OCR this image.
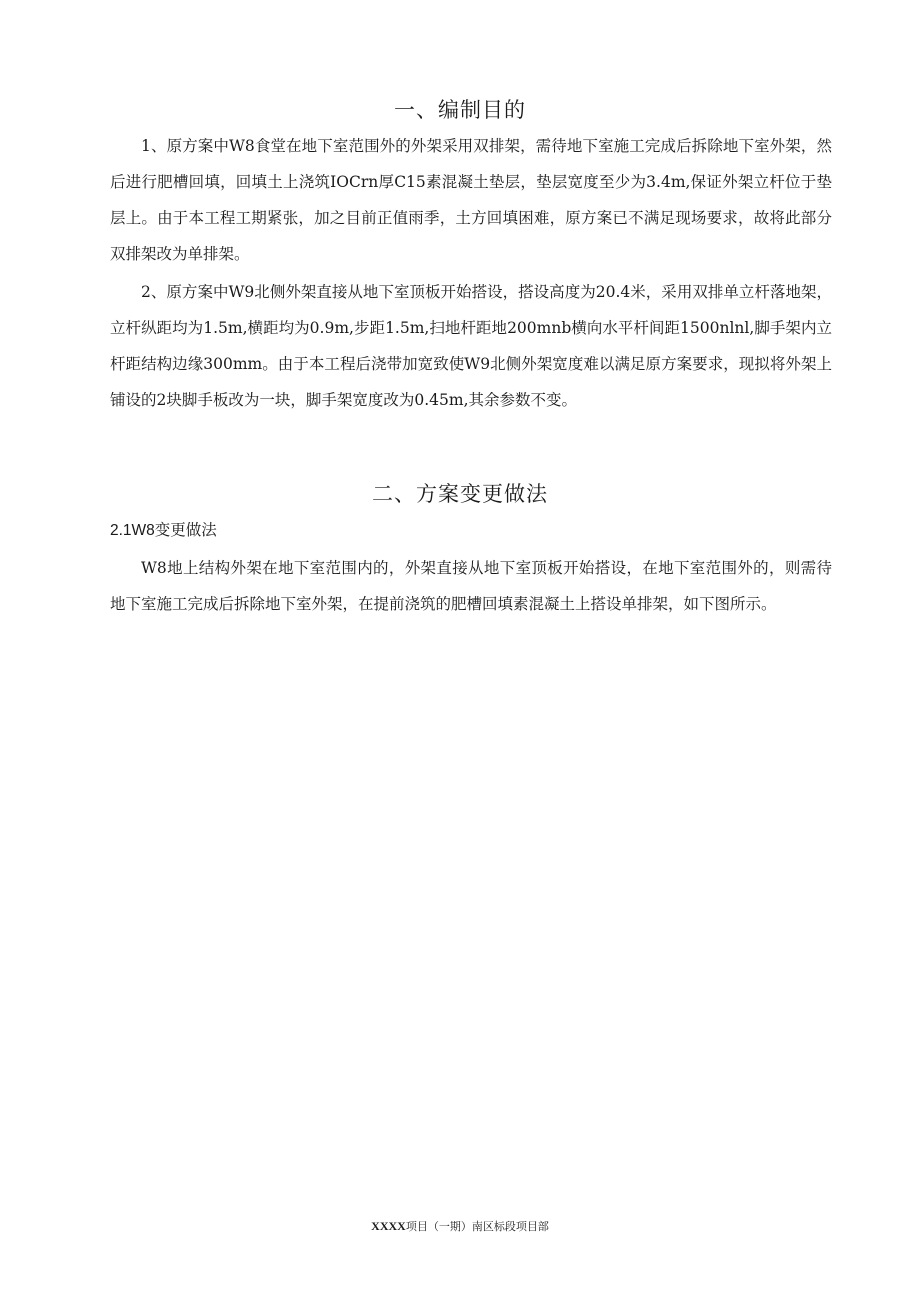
一、编制目的

1、原方案中W8食堂在地下室范围外的外架采用双排架，需待地下室施工完成后拆除地下室外架，然后进行肥槽回填，回填土上浇筑IOCrn厚C15素混凝土垫层，垫层宽度至少为3.4m,保证外架立杆位于垫层上。由于本工程工期紧张，加之目前正值雨季，土方回填困难，原方案已不满足现场要求，故将此部分双排架改为单排架。

2、原方案中W9北侧外架直接从地下室顶板开始搭设，搭设高度为20.4米，采用双排单立杆落地架，立杆纵距均为1.5m,横距均为0.9m,步距1.5m,扫地杆距地200mnb横向水平杆间距1500nlnl,脚手架内立杆距结构边缘300mm。由于本工程后浇带加宽致使W9北侧外架宽度难以满足原方案要求，现拟将外架上铺设的2块脚手板改为一块，脚手架宽度改为0.45m,其余参数不变。

二、方案变更做法
2.1W8变更做法

W8地上结构外架在地下室范围内的，外架直接从地下室顶板开始搭设，在地下室范围外的，则需待地下室施工完成后拆除地下室外架，在提前浇筑的肥槽回填素混凝土上搭设单排架，如下图所示。

XXXX项目（一期）南区标段项目部
